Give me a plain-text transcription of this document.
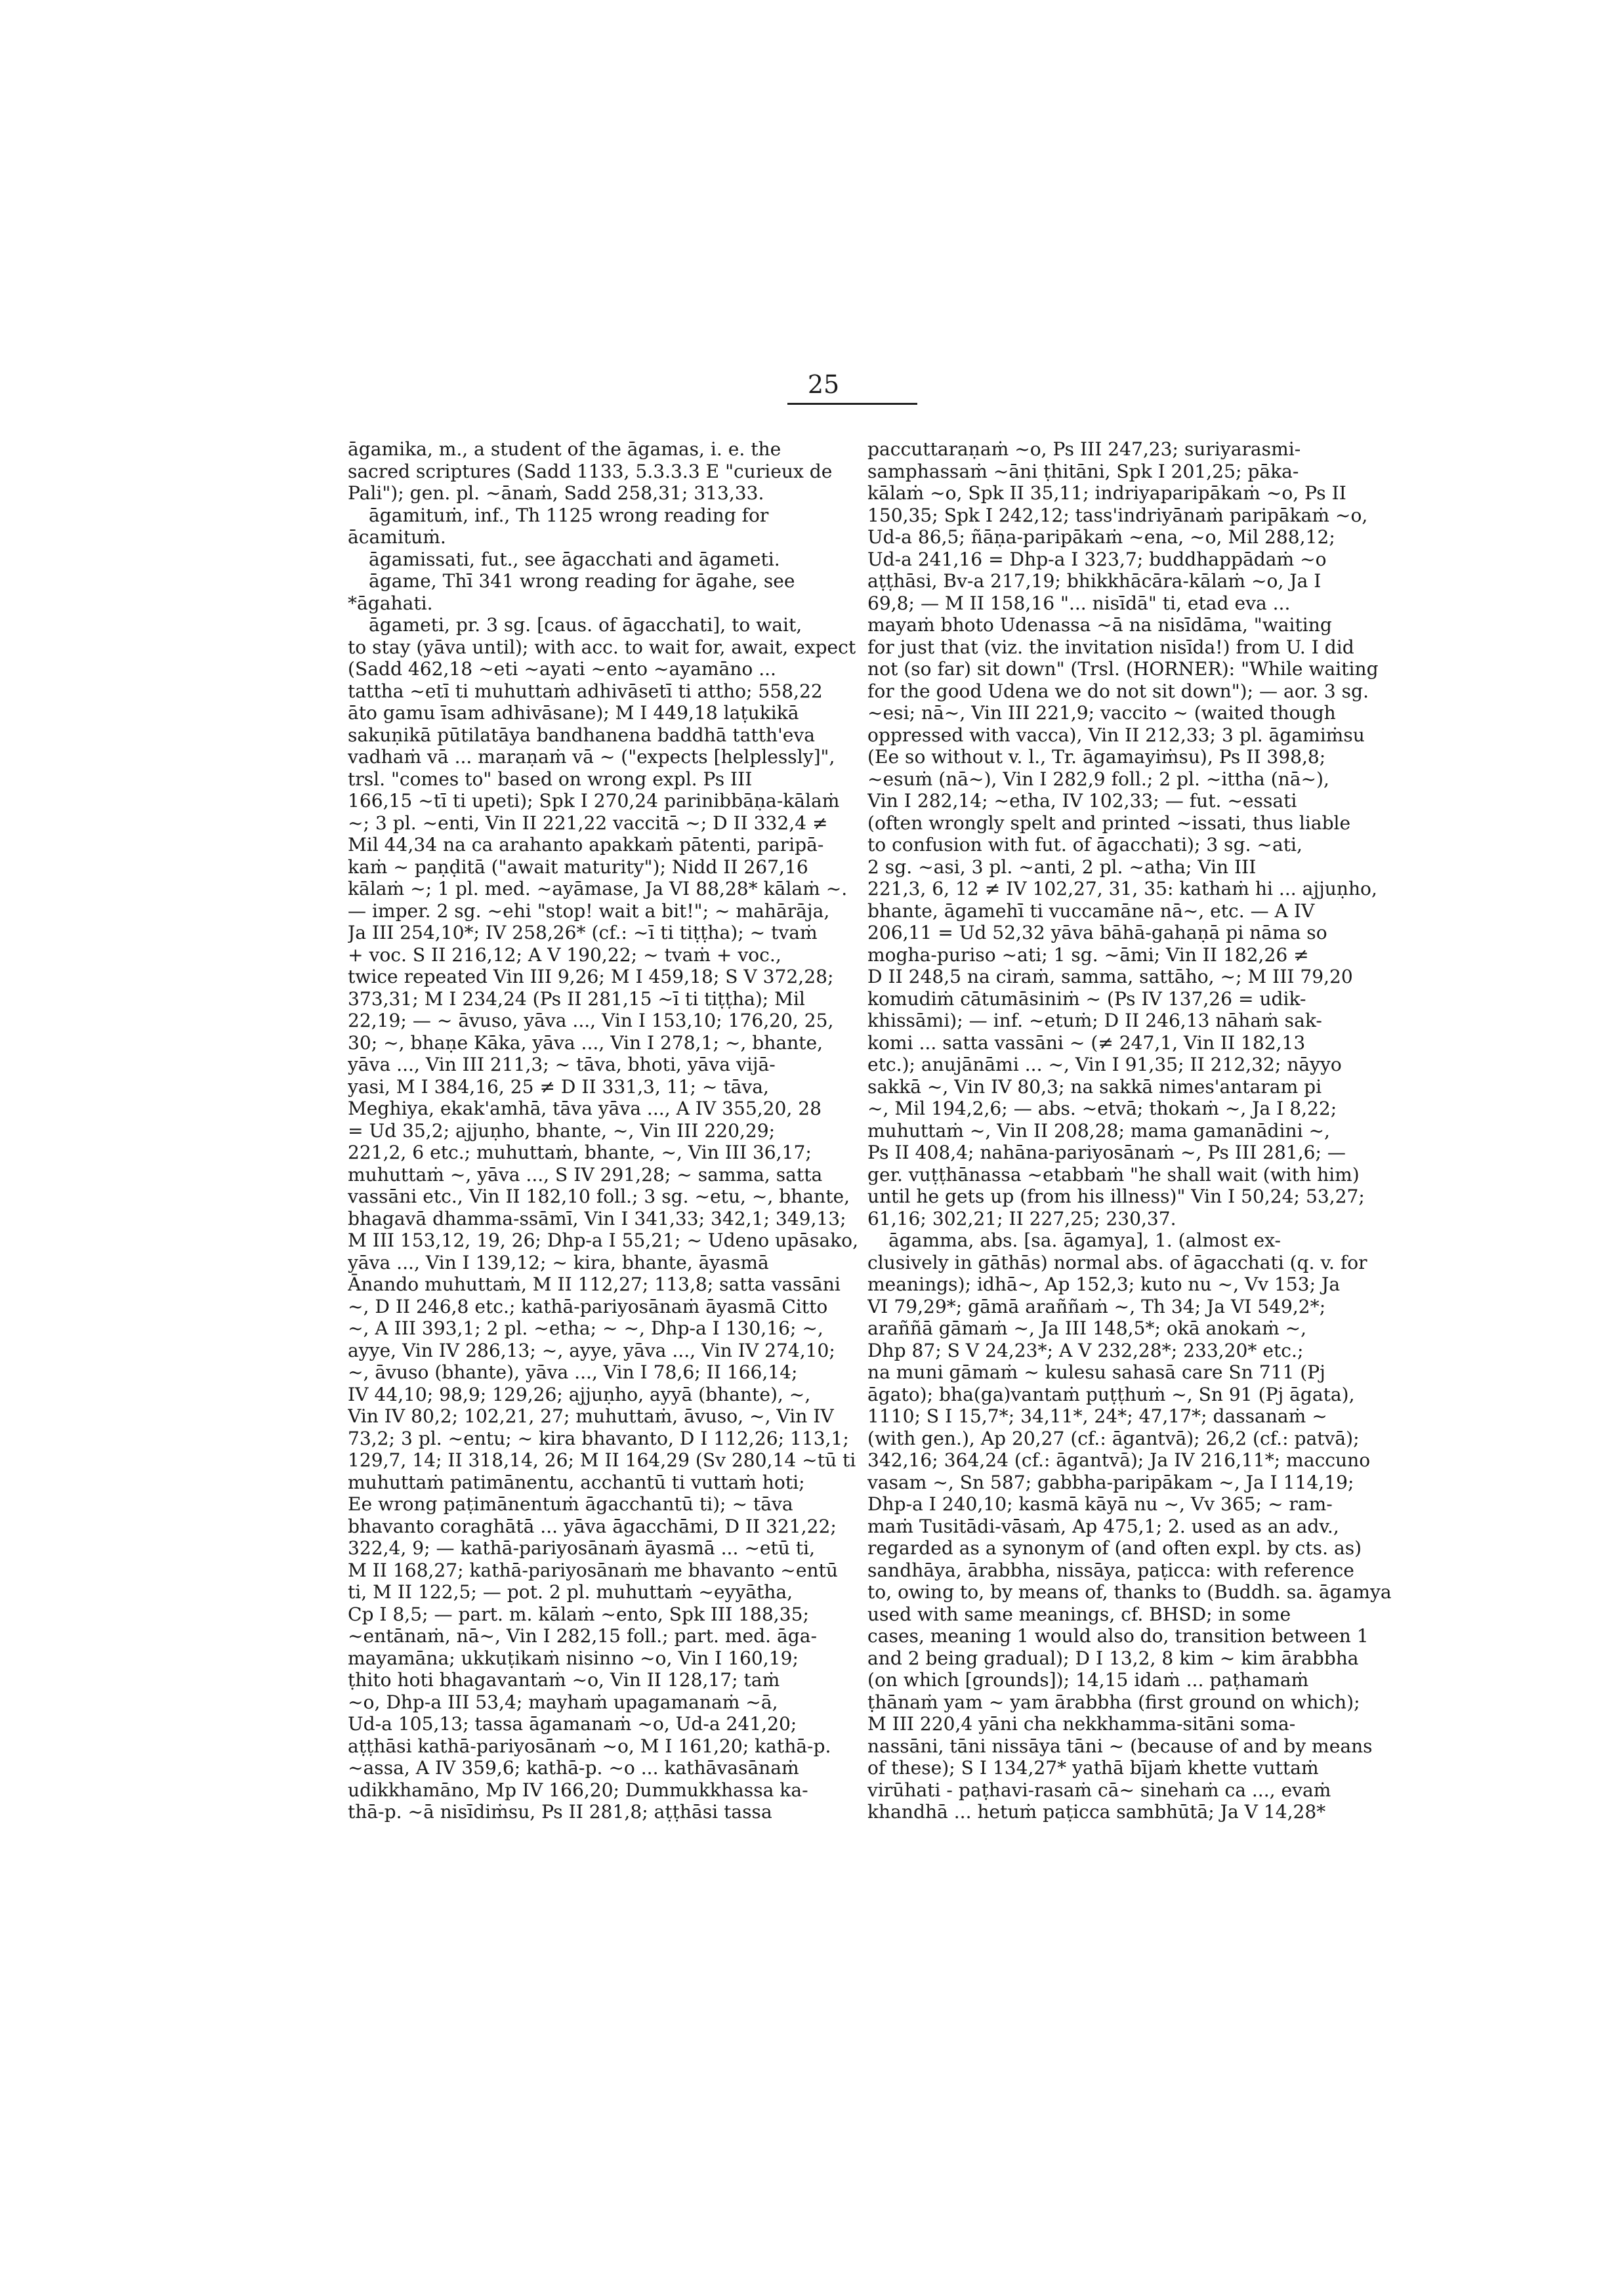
25
āgamika, m., a student of the āgamas, i. e. the
sacred scriptures (Sadd 1133, 5.3.3.3 E "curieux de
Pali"); gen. pl. ~ānaṁ, Sadd 258,31; 313,33.
āgamituṁ, inf., Th 1125 wrong reading for
ācamituṁ.
āgamissati, fut., see āgacchati and āgameti.
āgame, Thī 341 wrong reading for āgahe, see
*āgahati.
āgameti, pr. 3 sg. [caus. of āgacchati], to wait,
to stay (yāva until); with acc. to wait for, await, expect
(Sadd 462,18 ~eti ~ayati ~ento ~ayamāno ...
tattha ~etī ti muhuttaṁ adhivāsetī ti attho; 558,22
āto gamu īsam adhivāsane); M I 449,18 laṭukikā
sakuṇikā pūtilatāya bandhanena baddhā tatth'eva
vadhaṁ vā ... maraṇaṁ vā ~ ("expects [helplessly]",
trsl. "comes to" based on wrong expl. Ps III
166,15 ~tī ti upeti); Spk I 270,24 parinibbāṇa-kālaṁ
~; 3 pl. ~enti, Vin II 221,22 vaccitā ~; D II 332,4 ≠
Mil 44,34 na ca arahanto apakkaṁ pātenti, paripā-
kaṁ ~ paṇḍitā ("await maturity"); Nidd II 267,16
kālaṁ ~; 1 pl. med. ~ayāmase, Ja VI 88,28* kālaṁ ~.
— imper. 2 sg. ~ehi "stop! wait a bit!"; ~ mahārāja,
Ja III 254,10*; IV 258,26* (cf.: ~ī ti tiṭṭha); ~ tvaṁ
+ voc. S II 216,12; A V 190,22; ~ tvaṁ + voc.,
twice repeated Vin III 9,26; M I 459,18; S V 372,28;
373,31; M I 234,24 (Ps II 281,15 ~ī ti tiṭṭha); Mil
22,19; — ~ āvuso, yāva ..., Vin I 153,10; 176,20, 25,
30; ~, bhaṇe Kāka, yāva ..., Vin I 278,1; ~, bhante,
yāva ..., Vin III 211,3; ~ tāva, bhoti, yāva vijā-
yasi, M I 384,16, 25 ≠ D II 331,3, 11; ~ tāva,
Meghiya, ekak'amhā, tāva yāva ..., A IV 355,20, 28
= Ud 35,2; ajjuṇho, bhante, ~, Vin III 220,29;
221,2, 6 etc.; muhuttaṁ, bhante, ~, Vin III 36,17;
muhuttaṁ ~, yāva ..., S IV 291,28; ~ samma, satta
vassāni etc., Vin II 182,10 foll.; 3 sg. ~etu, ~, bhante,
bhagavā dhamma-ssāmī, Vin I 341,33; 342,1; 349,13;
M III 153,12, 19, 26; Dhp-a I 55,21; ~ Udeno upāsako,
yāva ..., Vin I 139,12; ~ kira, bhante, āyasmā
Ānando muhuttaṁ, M II 112,27; 113,8; satta vassāni
~, D II 246,8 etc.; kathā-pariyosānaṁ āyasmā Citto
~, A III 393,1; 2 pl. ~etha; ~ ~, Dhp-a I 130,16; ~,
ayye, Vin IV 286,13; ~, ayye, yāva ..., Vin IV 274,10;
~, āvuso (bhante), yāva ..., Vin I 78,6; II 166,14;
IV 44,10; 98,9; 129,26; ajjuṇho, ayyā (bhante), ~,
Vin IV 80,2; 102,21, 27; muhuttaṁ, āvuso, ~, Vin IV
73,2; 3 pl. ~entu; ~ kira bhavanto, D I 112,26; 113,1;
129,7, 14; II 318,14, 26; M II 164,29 (Sv 280,14 ~tū ti
muhuttaṁ patimānentu, acchantū ti vuttaṁ hoti;
Ee wrong paṭimānentuṁ āgacchantū ti); ~ tāva
bhavanto coraghātā ... yāva āgacchāmi, D II 321,22;
322,4, 9; — kathā-pariyosānaṁ āyasmā ... ~etū ti,
M II 168,27; kathā-pariyosānaṁ me bhavanto ~entū
ti, M II 122,5; — pot. 2 pl. muhuttaṁ ~eyyātha,
Cp I 8,5; — part. m. kālaṁ ~ento, Spk III 188,35;
~entānaṁ, nā~, Vin I 282,15 foll.; part. med. āga-
mayamāna; ukkuṭikaṁ nisinno ~o, Vin I 160,19;
ṭhito hoti bhagavantaṁ ~o, Vin II 128,17; taṁ
~o, Dhp-a III 53,4; mayhaṁ upagamanaṁ ~ā,
Ud-a 105,13; tassa āgamanaṁ ~o, Ud-a 241,20;
aṭṭhāsi kathā-pariyosānaṁ ~o, M I 161,20; kathā-p.
~assa, A IV 359,6; kathā-p. ~o ... kathāvasānaṁ
udikkhamāno, Mp IV 166,20; Dummukkhassa ka-
thā-p. ~ā nisīdiṁsu, Ps II 281,8; aṭṭhāsi tassa
paccuttaraṇaṁ ~o, Ps III 247,23; suriyarasmi-
samphassaṁ ~āni ṭhitāni, Spk I 201,25; pāka-
kālaṁ ~o, Spk II 35,11; indriyaparipākaṁ ~o, Ps II
150,35; Spk I 242,12; tass'indriyānaṁ paripākaṁ ~o,
Ud-a 86,5; ñāṇa-paripākaṁ ~ena, ~o, Mil 288,12;
Ud-a 241,16 = Dhp-a I 323,7; buddhappādaṁ ~o
aṭṭhāsi, Bv-a 217,19; bhikkhācāra-kālaṁ ~o, Ja I
69,8; — M II 158,16 "... nisīdā" ti, etad eva ...
mayaṁ bhoto Udenassa ~ā na nisīdāma, "waiting
for just that (viz. the invitation nisīda!) from U. I did
not (so far) sit down" (Trsl. (HORNER): "While waiting
for the good Udena we do not sit down"); — aor. 3 sg.
~esi; nā~, Vin III 221,9; vaccito ~ (waited though
oppressed with vacca), Vin II 212,33; 3 pl. āgamiṁsu
(Ee so without v. l., Tr. āgamayiṁsu), Ps II 398,8;
~esuṁ (nā~), Vin I 282,9 foll.; 2 pl. ~ittha (nā~),
Vin I 282,14; ~etha, IV 102,33; — fut. ~essati
(often wrongly spelt and printed ~issati, thus liable
to confusion with fut. of āgacchati); 3 sg. ~ati,
2 sg. ~asi, 3 pl. ~anti, 2 pl. ~atha; Vin III
221,3, 6, 12 ≠ IV 102,27, 31, 35: kathaṁ hi ... ajjuṇho,
bhante, āgamehī ti vuccamāne nā~, etc. — A IV
206,11 = Ud 52,32 yāva bāhā-gahaṇā pi nāma so
mogha-puriso ~ati; 1 sg. ~āmi; Vin II 182,26 ≠
D II 248,5 na ciraṁ, samma, sattāho, ~; M III 79,20
komudiṁ cātumāsiniṁ ~ (Ps IV 137,26 = udik-
khissāmi); — inf. ~etuṁ; D II 246,13 nāhaṁ sak-
komi ... satta vassāni ~ (≠ 247,1, Vin II 182,13
etc.); anujānāmi ... ~, Vin I 91,35; II 212,32; nāyyo
sakkā ~, Vin IV 80,3; na sakkā nimes'antaram pi
~, Mil 194,2,6; — abs. ~etvā; thokaṁ ~, Ja I 8,22;
muhuttaṁ ~, Vin II 208,28; mama gamanādini ~,
Ps II 408,4; nahāna-pariyosānaṁ ~, Ps III 281,6; —
ger. vuṭṭhānassa ~etabbaṁ "he shall wait (with him)
until he gets up (from his illness)" Vin I 50,24; 53,27;
61,16; 302,21; II 227,25; 230,37.
āgamma, abs. [sa. āgamya], 1. (almost ex-
clusively in gāthās) normal abs. of āgacchati (q. v. for
meanings); idhā~, Ap 152,3; kuto nu ~, Vv 153; Ja
VI 79,29*; gāmā araññaṁ ~, Th 34; Ja VI 549,2*;
araññā gāmaṁ ~, Ja III 148,5*; okā anokaṁ ~,
Dhp 87; S V 24,23*; A V 232,28*; 233,20* etc.;
na muni gāmaṁ ~ kulesu sahasā care Sn 711 (Pj
āgato); bha(ga)vantaṁ puṭṭhuṁ ~, Sn 91 (Pj āgata),
1110; S I 15,7*; 34,11*, 24*; 47,17*; dassanaṁ ~
(with gen.), Ap 20,27 (cf.: āgantvā); 26,2 (cf.: patvā);
342,16; 364,24 (cf.: āgantvā); Ja IV 216,11*; maccuno
vasam ~, Sn 587; gabbha-paripākam ~, Ja I 114,19;
Dhp-a I 240,10; kasmā kāyā nu ~, Vv 365; ~ ram-
maṁ Tusitādi-vāsaṁ, Ap 475,1; 2. used as an adv.,
regarded as a synonym of (and often expl. by cts. as)
sandhāya, ārabbha, nissāya, paṭicca: with reference
to, owing to, by means of, thanks to (Buddh. sa. āgamya
used with same meanings, cf. BHSD; in some
cases, meaning 1 would also do, transition between 1
and 2 being gradual); D I 13,2, 8 kim ~ kim ārabbha
(on which [grounds]); 14,15 idaṁ ... paṭhamaṁ
ṭhānaṁ yam ~ yam ārabbha (first ground on which);
M III 220,4 yāni cha nekkhamma-sitāni soma-
nassāni, tāni nissāya tāni ~ (because of and by means
of these); S I 134,27* yathā bījaṁ khette vuttaṁ
virūhati - paṭhavi-rasaṁ cā~ sinehaṁ ca ..., evaṁ
khandhā ... hetuṁ paṭicca sambhūtā; Ja V 14,28*
